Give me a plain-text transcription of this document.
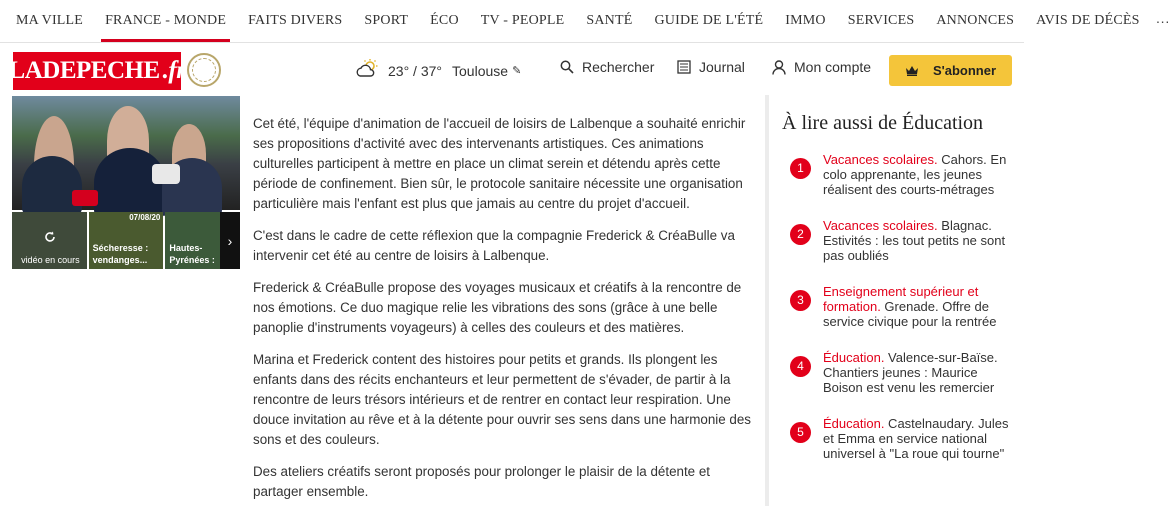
MA VILLE FRANCE - MONDE FAITS DIVERS SPORT ÉCO TV - PEOPLE SANTÉ GUIDE DE L'ÉTÉ IMMO SERVICES ANNONCES AVIS DE DÉCÈS ···
LADEPECHE .fr	23° / 37° Toulouse ✎	Rechercher	Journal	Mon compte	S'abonner
vidéo en cours
07/08/20
Sécheresse : vendanges...
Hautes-Pyrénées :
›

Cet été, l'équipe d'animation de l'accueil de loisirs de Lalbenque a souhaité enrichir ses propositions d'activité avec des intervenants artistiques. Ces animations culturelles participent à mettre en place un climat serein et détendu après cette période de confinement. Bien sûr, le protocole sanitaire nécessite une organisation particulière mais l'enfant est plus que jamais au centre du projet d'accueil.

C'est dans le cadre de cette réflexion que la compagnie Frederick & CréaBulle va intervenir cet été au centre de loisirs à Lalbenque.

Frederick & CréaBulle propose des voyages musicaux et créatifs à la rencontre de nos émotions. Ce duo magique relie les vibrations des sons (grâce à une belle panoplie d'instruments voyageurs) à celles des couleurs et des matières.

Marina et Frederick content des histoires pour petits et grands. Ils plongent les enfants dans des récits enchanteurs et leur permettent de s'évader, de partir à la rencontre de leurs trésors intérieurs et de rentrer en contact leur respiration. Une douce invitation au rêve et à la détente pour ouvrir ses sens dans une harmonie des sons et des couleurs.

Des ateliers créatifs seront proposés pour prolonger le plaisir de la détente et partager ensemble.

À lire aussi de Éducation
1
Vacances scolaires. Cahors. En colo apprenante, les jeunes réalisent des courts-métrages
2
Vacances scolaires. Blagnac. Estivités : les tout petits ne sont pas oubliés
3
Enseignement supérieur et formation. Grenade. Offre de service civique pour la rentrée
4
Éducation. Valence-sur-Baïse. Chantiers jeunes : Maurice Boison est venu les remercier
5
Éducation. Castelnaudary. Jules et Emma en service national universel à "La roue qui tourne"
